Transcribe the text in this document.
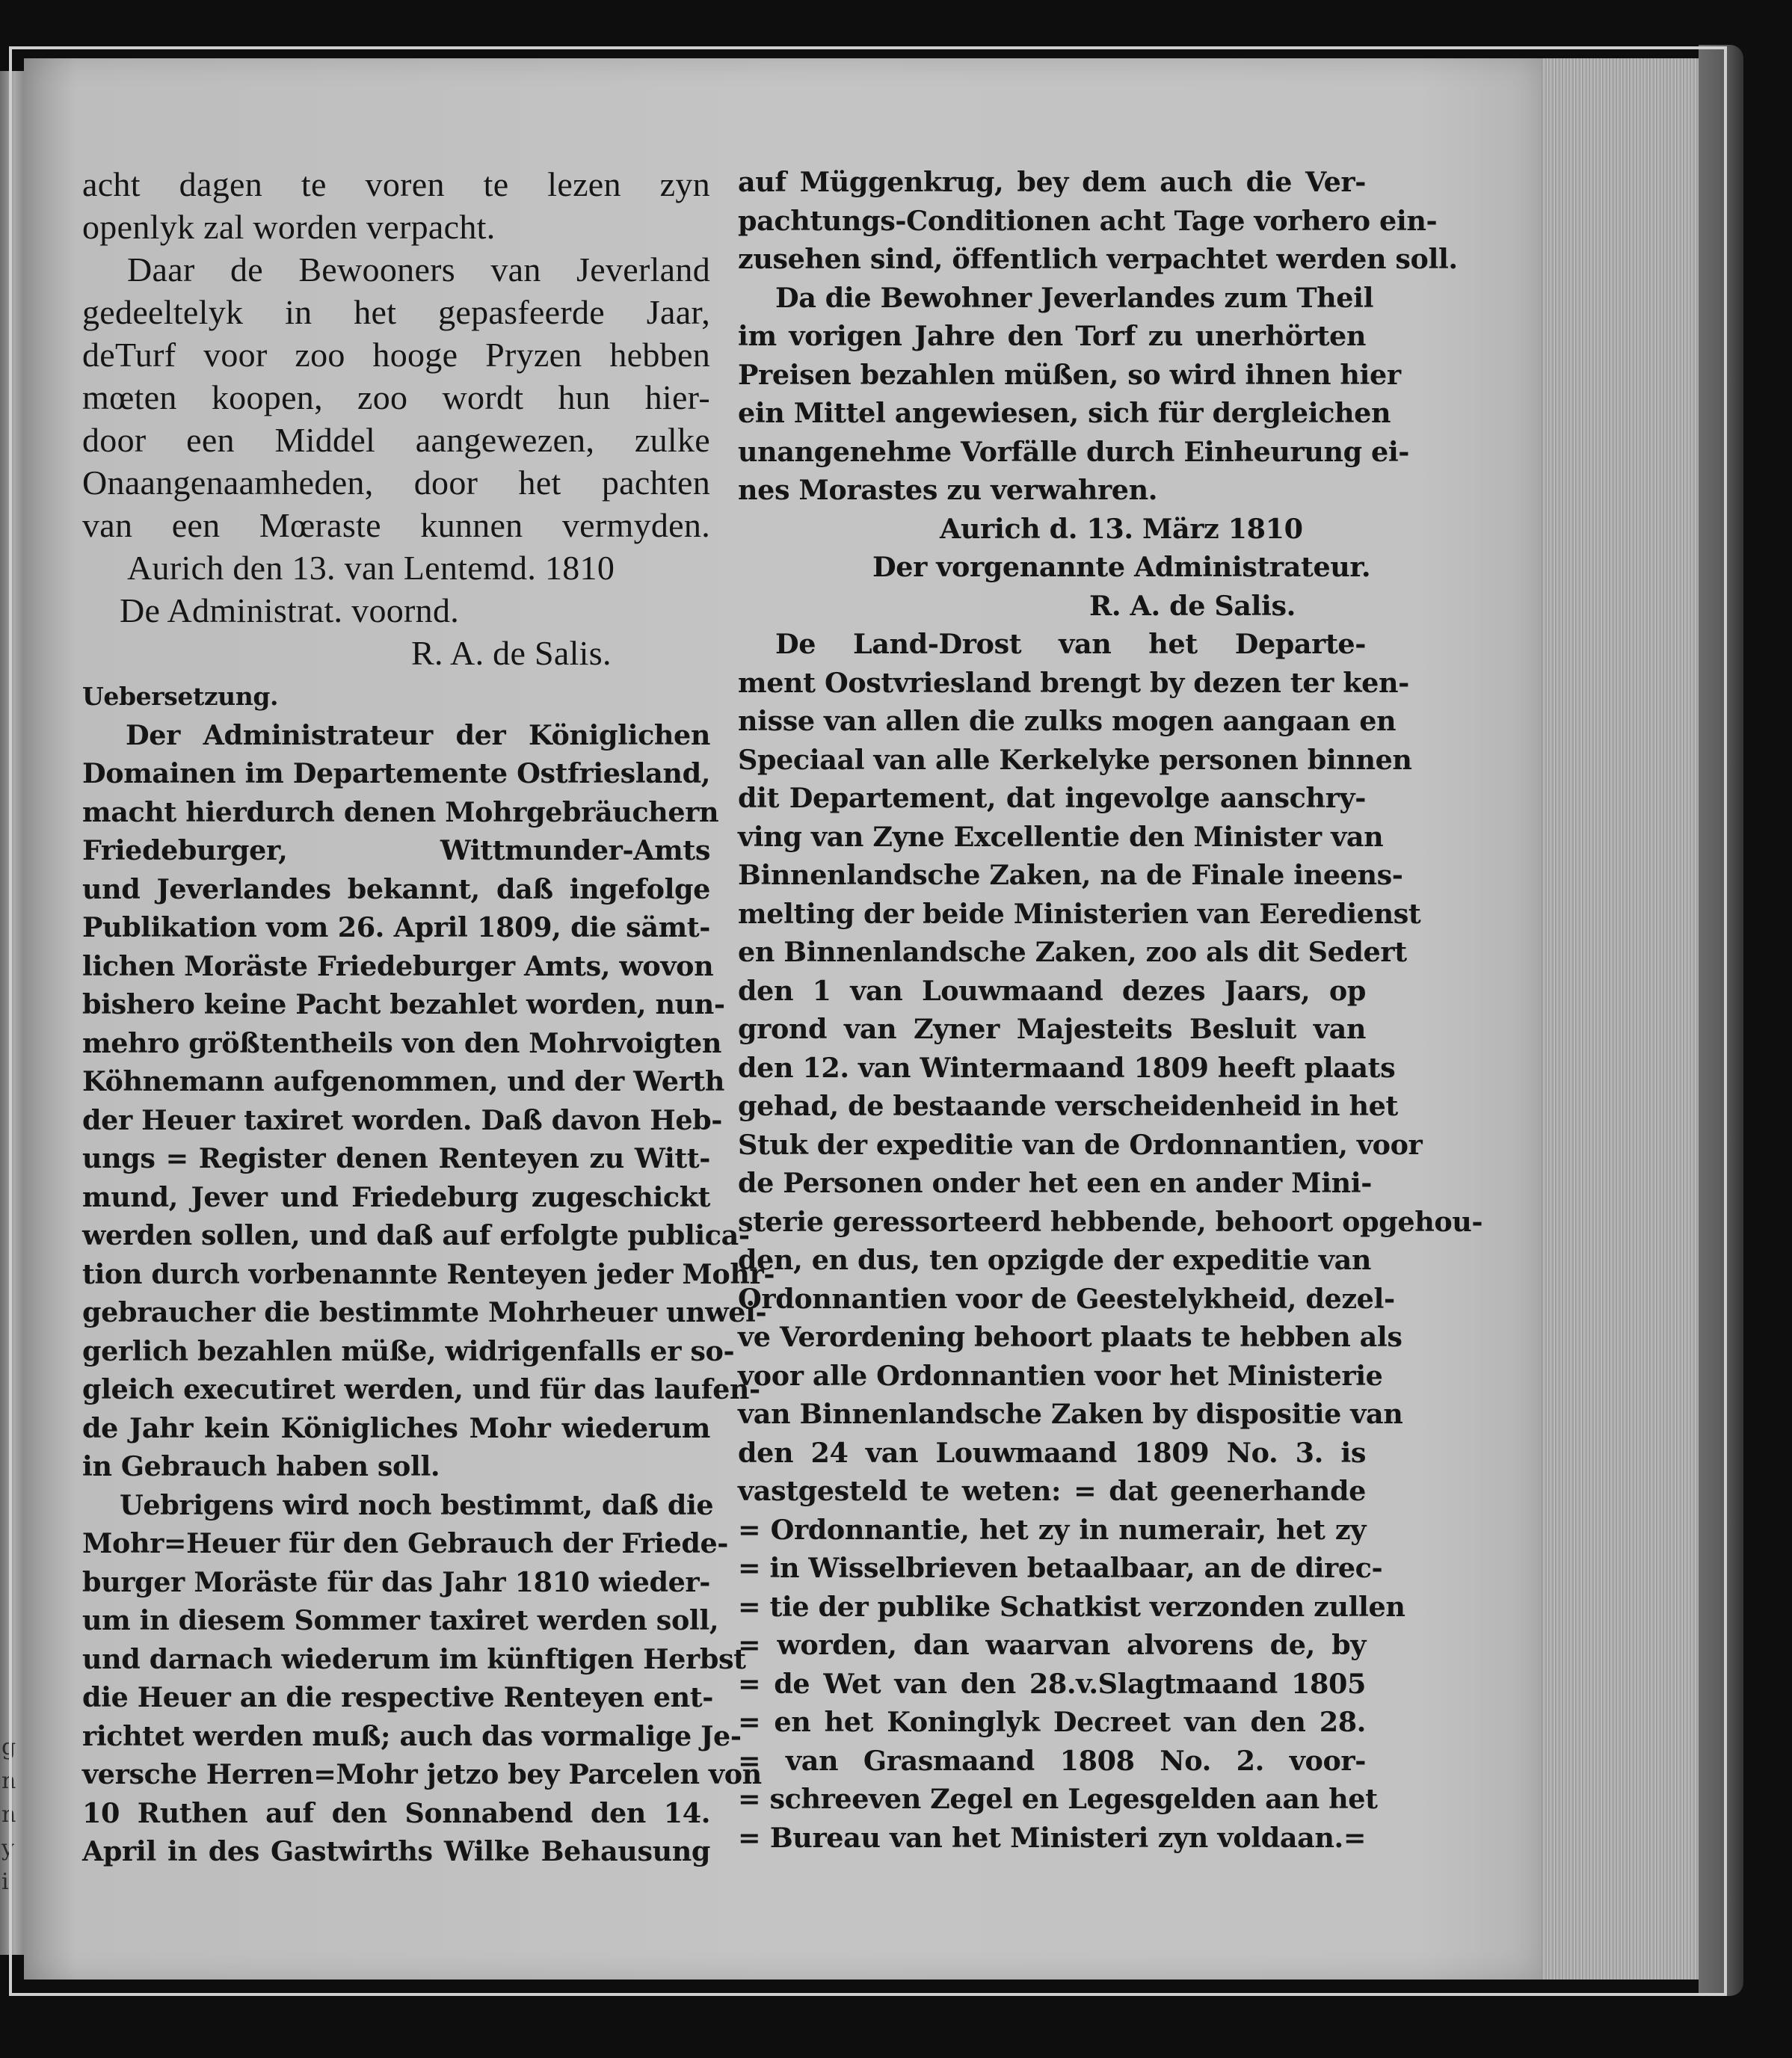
g
n
n
y
i
acht dagen te voren te lezen zyn
openlyk zal worden verpacht.
Daar de Bewooners van Jeverland
gedeeltelyk in het gepasfeerde Jaar,
deTurf voor zoo hooge Pryzen hebben
mœten koopen, zoo wordt hun hier-
door een Middel aangewezen, zulke
Onaangenaamheden, door het pachten
van een Mœraste kunnen vermyden.
Aurich den 13. van Lentemd. 1810
De Administrat. voornd.
R. A. de Salis.
Uebersetzung.
Der Administrateur der Königlichen
Domainen im Departemente Ostfriesland,
macht hierdurch denen Mohrgebräuchern
Friedeburger, Wittmunder-Amts
und Jeverlandes bekannt, daß ingefolge
Publikation vom 26. April 1809, die sämt-
lichen Moräste Friedeburger Amts, wovon
bishero keine Pacht bezahlet worden, nun-
mehro größtentheils von den Mohrvoigten
Köhnemann aufgenommen, und der Werth
der Heuer taxiret worden. Daß davon Heb-
ungs = Register denen Renteyen zu Witt-
mund, Jever und Friedeburg zugeschickt
werden sollen, und daß auf erfolgte publica-
tion durch vorbenannte Renteyen jeder Mohr-
gebraucher die bestimmte Mohrheuer unwei-
gerlich bezahlen müße, widrigenfalls er so-
gleich executiret werden, und für das laufen-
de Jahr kein Königliches Mohr wiederum
in Gebrauch haben soll.
Uebrigens wird noch bestimmt, daß die
Mohr=Heuer für den Gebrauch der Friede-
burger Moräste für das Jahr 1810 wieder-
um in diesem Sommer taxiret werden soll,
und darnach wiederum im künftigen Herbst
die Heuer an die respective Renteyen ent-
richtet werden muß; auch das vormalige Je-
versche Herren=Mohr jetzo bey Parcelen von
10 Ruthen auf den Sonnabend den 14.
April in des Gastwirths Wilke Behausung
auf Müggenkrug, bey dem auch die Ver-
pachtungs-Conditionen acht Tage vorhero ein-
zusehen sind, öffentlich verpachtet werden soll.
Da die Bewohner Jeverlandes zum Theil
im vorigen Jahre den Torf zu unerhörten
Preisen bezahlen müßen, so wird ihnen hier
ein Mittel angewiesen, sich für dergleichen
unangenehme Vorfälle durch Einheurung ei-
nes Morastes zu verwahren.
Aurich d. 13. März 1810
Der vorgenannte Administrateur.
R. A. de Salis.
De Land-Drost van het Departe-
ment Oostvriesland brengt by dezen ter ken-
nisse van allen die zulks mogen aangaan en
Speciaal van alle Kerkelyke personen binnen
dit Departement, dat ingevolge aanschry-
ving van Zyne Excellentie den Minister van
Binnenlandsche Zaken, na de Finale ineens-
melting der beide Ministerien van Eeredienst
en Binnenlandsche Zaken, zoo als dit Sedert
den 1 van Louwmaand dezes Jaars, op
grond van Zyner Majesteits Besluit van
den 12. van Wintermaand 1809 heeft plaats
gehad, de bestaande verscheidenheid in het
Stuk der expeditie van de Ordonnantien, voor
de Personen onder het een en ander Mini-
sterie geressorteerd hebbende, behoort opgehou-
den, en dus, ten opzigde der expeditie van
Ordonnantien voor de Geestelykheid, dezel-
ve Verordening behoort plaats te hebben als
voor alle Ordonnantien voor het Ministerie
van Binnenlandsche Zaken by dispositie van
den 24 van Louwmaand 1809 No. 3. is
vastgesteld te weten: = dat geenerhande
= Ordonnantie, het zy in numerair, het zy
= in Wisselbrieven betaalbaar, an de direc-
= tie der publike Schatkist verzonden zullen
= worden, dan waarvan alvorens de, by
= de Wet van den 28.v.Slagtmaand 1805
= en het Koninglyk Decreet van den 28.
= van Grasmaand 1808 No. 2. voor-
= schreeven Zegel en Legesgelden aan het
= Bureau van het Ministeri zyn voldaan.=
